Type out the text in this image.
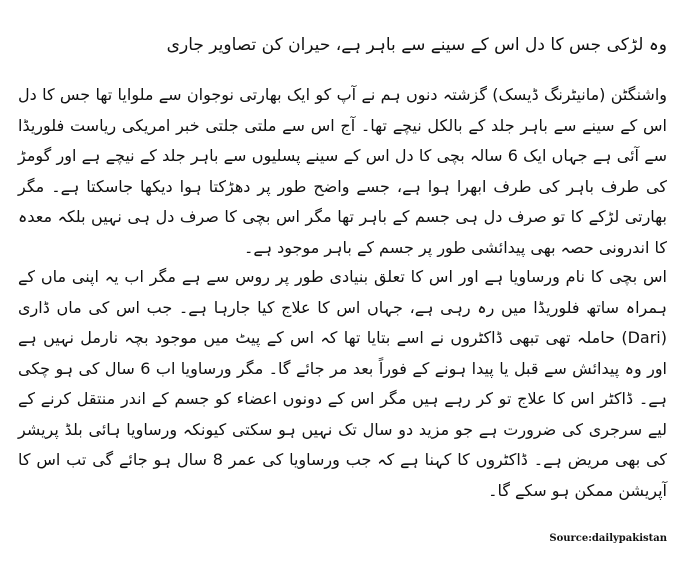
وہ لڑکی جس کا دل اس کے سینے سے باہر ہے، حیران کن تصاویر جاری

واشنگٹن (مانیٹرنگ ڈیسک) گزشتہ دنوں ہم نے آپ کو ایک بھارتی نوجوان سے ملوایا تھا جس کا دل اس کے سینے سے باہر جلد کے بالکل نیچے تھا۔ آج اس سے ملتی جلتی خبر امریکی ریاست فلوریڈا سے آئی ہے جہاں ایک 6 سالہ بچی کا دل اس کے سینے پسلیوں سے باہر جلد کے نیچے ہے اور گومڑ کی طرف باہر کی طرف ابھرا ہوا ہے، جسے واضح طور پر دھڑکتا ہوا دیکھا جاسکتا ہے۔ مگر بھارتی لڑکے کا تو صرف دل ہی جسم کے باہر تھا مگر اس بچی کا صرف دل ہی نہیں بلکہ معدہ کا اندرونی حصہ بھی پیدائشی طور پر جسم کے باہر موجود ہے۔

اس بچی کا نام ورساویا ہے اور اس کا تعلق بنیادی طور پر روس سے ہے مگر اب یہ اپنی ماں کے ہمراہ ساتھ فلوریڈا میں رہ رہی ہے، جہاں اس کا علاج کیا جارہا ہے۔ جب اس کی ماں ڈاری (Dari) حاملہ تھی تبھی ڈاکٹروں نے اسے بتایا تھا کہ اس کے پیٹ میں موجود بچہ نارمل نہیں ہے اور وہ پیدائش سے قبل یا پیدا ہونے کے فوراً بعد مر جائے گا۔ مگر ورساویا اب 6 سال کی ہو چکی ہے۔ ڈاکٹر اس کا علاج تو کر رہے ہیں مگر اس کے دونوں اعضاء کو جسم کے اندر منتقل کرنے کے لیے سرجری کی ضرورت ہے جو مزید دو سال تک نہیں ہو سکتی کیونکہ ورساویا ہائی بلڈ پریشر کی بھی مریض ہے۔ ڈاکٹروں کا کہنا ہے کہ جب ورساویا کی عمر 8 سال ہو جائے گی تب اس کا آپریشن ممکن ہو سکے گا۔

Source:dailypakistan
